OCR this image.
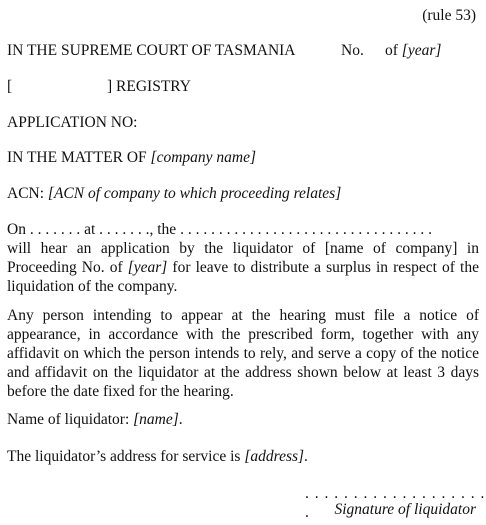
(rule 53)
IN THE SUPREME COURT OF TASMANIA	No. of [year]
[	] REGISTRY
APPLICATION NO:
IN THE MATTER OF [company name]
ACN: [ACN of company to which proceeding relates]
On . . . . . . . at . . . . . . ., the . . . . . . . . . . . . . . . . . . . . . . . . . . . . . . . . .
will hear an application by the liquidator of [name of company] in Proceeding No. of [year] for leave to distribute a surplus in respect of the liquidation of the company.
Any person intending to appear at the hearing must file a notice of appearance, in accordance with the prescribed form, together with any affidavit on which the person intends to rely, and serve a copy of the notice and affidavit on the liquidator at the address shown below at least 3 days before the date fixed for the hearing.
Name of liquidator: [name].
The liquidator’s address for service is [address].
. . . . . . . . . . . . . . . . . . . .	Signature of liquidator
